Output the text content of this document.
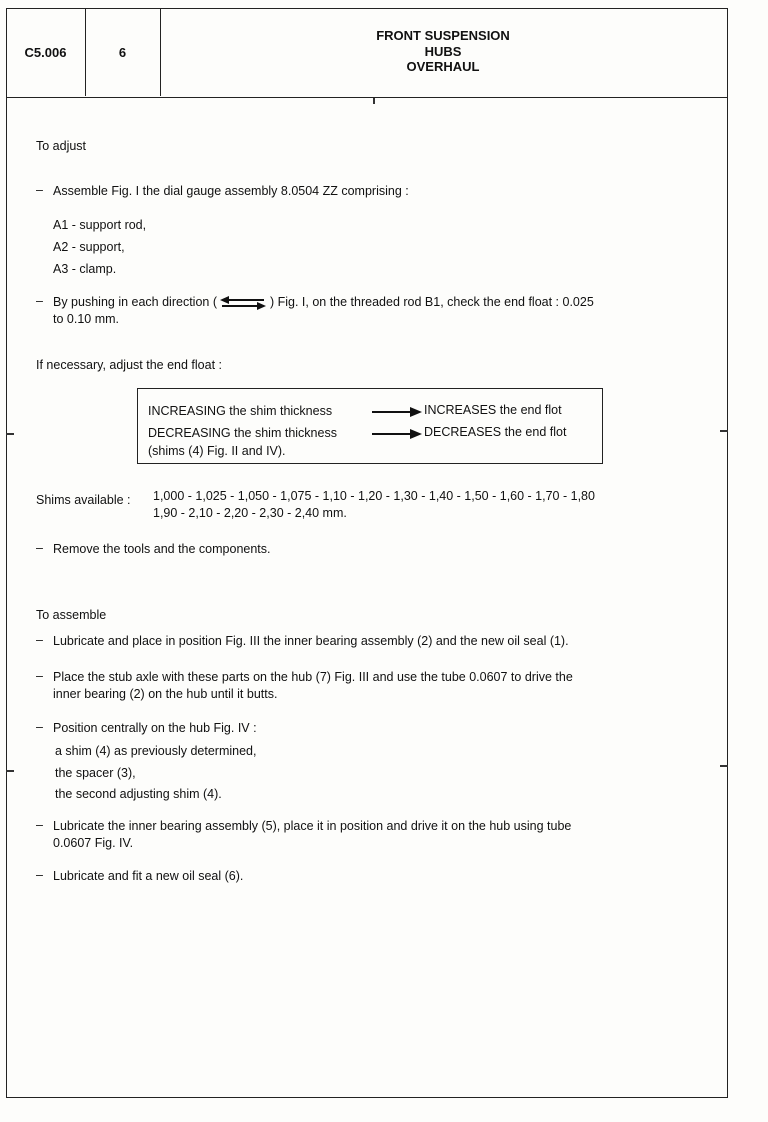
C5.006	6
FRONT SUSPENSION
HUBS
OVERHAUL
To adjust
– Assemble Fig. I the dial gauge assembly 8.0504 ZZ comprising :
A1 - support rod,
A2 - support,
A3 - clamp.
– By pushing in each direction (	) Fig. I, on the threaded rod B1, check the end float : 0.025
to 0.10 mm.
If necessary, adjust the end float :
INCREASING the shim thickness	INCREASES the end flot
DECREASING the shim thickness	DECREASES the end flot
(shims (4) Fig. II and IV).
Shims available : 1,000 - 1,025 - 1,050 - 1,075 - 1,10 - 1,20 - 1,30 - 1,40 - 1,50 - 1,60 - 1,70 - 1,80
1,90 - 2,10 - 2,20 - 2,30 - 2,40 mm.
– Remove the tools and the components.
To assemble
– Lubricate and place in position Fig. III the inner bearing assembly (2) and the new oil seal (1).
– Place the stub axle with these parts on the hub (7) Fig. III and use the tube 0.0607 to drive the
inner bearing (2) on the hub until it butts.
– Position centrally on the hub Fig. IV :
a shim (4) as previously determined,
the spacer (3),
the second adjusting shim (4).
– Lubricate the inner bearing assembly (5), place it in position and drive it on the hub using tube
0.0607 Fig. IV.
– Lubricate and fit a new oil seal (6).
